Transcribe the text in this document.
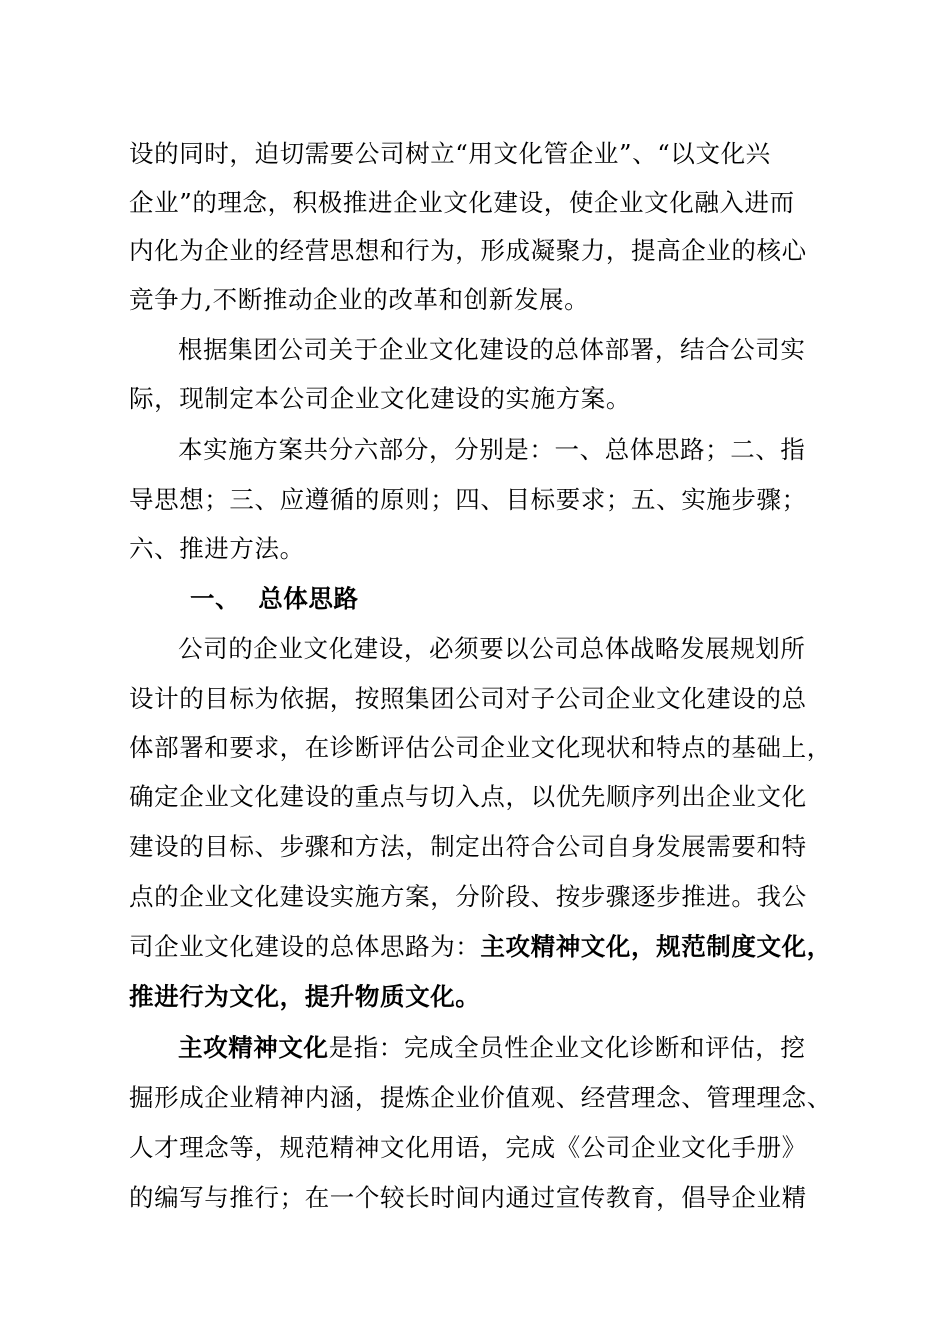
设的同时，迫切需要公司树立“用文化管企业”、“以文化兴
企业”的理念，积极推进企业文化建设，使企业文化融入进而
内化为企业的经营思想和行为，形成凝聚力，提高企业的核心
竞争力,不断推动企业的改革和创新发展。
根据集团公司关于企业文化建设的总体部署，结合公司实
际，现制定本公司企业文化建设的实施方案。
本实施方案共分六部分，分别是：一、总体思路；二、指
导思想；三、应遵循的原则；四、目标要求；五、实施步骤；
六、推进方法。
一、 总体思路
公司的企业文化建设，必须要以公司总体战略发展规划所
设计的目标为依据，按照集团公司对子公司企业文化建设的总
体部署和要求，在诊断评估公司企业文化现状和特点的基础上，
确定企业文化建设的重点与切入点，以优先顺序列出企业文化
建设的目标、步骤和方法，制定出符合公司自身发展需要和特
点的企业文化建设实施方案，分阶段、按步骤逐步推进。我公
司企业文化建设的总体思路为：主攻精神文化，规范制度文化，
推进行为文化，提升物质文化。
主攻精神文化是指：完成全员性企业文化诊断和评估，挖
掘形成企业精神内涵，提炼企业价值观、经营理念、管理理念、
人才理念等，规范精神文化用语，完成《公司企业文化手册》
的编写与推行；在一个较长时间内通过宣传教育，倡导企业精
